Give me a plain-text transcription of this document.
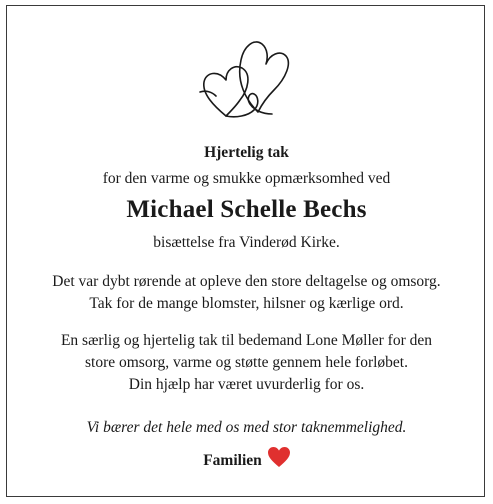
Hjertelig tak
for den varme og smukke opmærksomhed ved
Michael Schelle Bechs
bisættelse fra Vinderød Kirke.
Det var dybt rørende at opleve den store deltagelse og omsorg.
Tak for de mange blomster, hilsner og kærlige ord.
En særlig og hjertelig tak til bedemand Lone Møller for den
store omsorg, varme og støtte gennem hele forløbet.
Din hjælp har været uvurderlig for os.
Vi bærer det hele med os med stor taknemmelighed.
Familien
